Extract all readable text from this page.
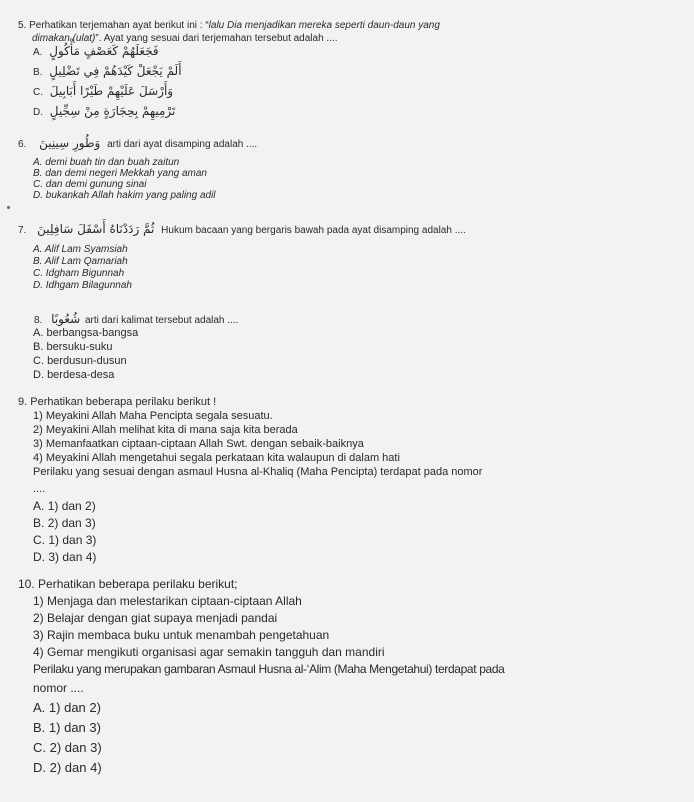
5. Perhatikan terjemahan ayat berikut ini : “lalu Dia menjadikan mereka seperti daun-daun yang
dimakan (ulat)”. Ayat yang sesuai dari terjemahan tersebut adalah ....
A. فَجَعَلَهُمْ كَعَصْفٍ مَأْكُولٍ
B. أَلَمْ يَجْعَلْ كَيْدَهُمْ فِي تَضْلِيلٍ
C. وَأَرْسَلَ عَلَيْهِمْ طَيْرًا أَبَابِيلَ
D. تَرْمِيهِمْ بِحِجَارَةٍ مِنْ سِجِّيلٍ
6. وَطُورِ سِينِينَ arti dari ayat disamping adalah ....
A. demi buah tin dan buah zaitun
B. dan demi negeri Mekkah yang aman
C. dan demi gunung sinai
D. bukankah Allah hakim yang paling adil
7. ثُمَّ رَدَدْنَاهُ أَسْفَلَ سَافِلِينَ Hukum bacaan yang bergaris bawah pada ayat disamping adalah ....
A. Alif Lam Syamsiah
B. Alif Lam Qamariah
C. Idgham Bigunnah
D. Idhgam Bilagunnah
8. شُعُوبًا arti dari kalimat tersebut adalah ....
A. berbangsa-bangsa
B. bersuku-suku
C. berdusun-dusun
D. berdesa-desa
9. Perhatikan beberapa perilaku berikut !
1) Meyakini Allah Maha Pencipta segala sesuatu.
2) Meyakini Allah melihat kita di mana saja kita berada
3) Memanfaatkan ciptaan-ciptaan Allah Swt. dengan sebaik-baiknya
4) Meyakini Allah mengetahui segala perkataan kita walaupun di dalam hati
Perilaku yang sesuai dengan asmaul Husna al-Khaliq (Maha Pencipta) terdapat pada nomor
....
A. 1) dan 2)
B. 2) dan 3)
C. 1) dan 3)
D. 3) dan 4)
10. Perhatikan beberapa perilaku berikut;
1) Menjaga dan melestarikan ciptaan-ciptaan Allah
2) Belajar dengan giat supaya menjadi pandai
3) Rajin membaca buku untuk menambah pengetahuan
4) Gemar mengikuti organisasi agar semakin tangguh dan mandiri
Perilaku yang merupakan gambaran Asmaul Husna al-‘Alim (Maha Mengetahui) terdapat pada
nomor ....
A. 1) dan 2)
B. 1) dan 3)
C. 2) dan 3)
D. 2) dan 4)
